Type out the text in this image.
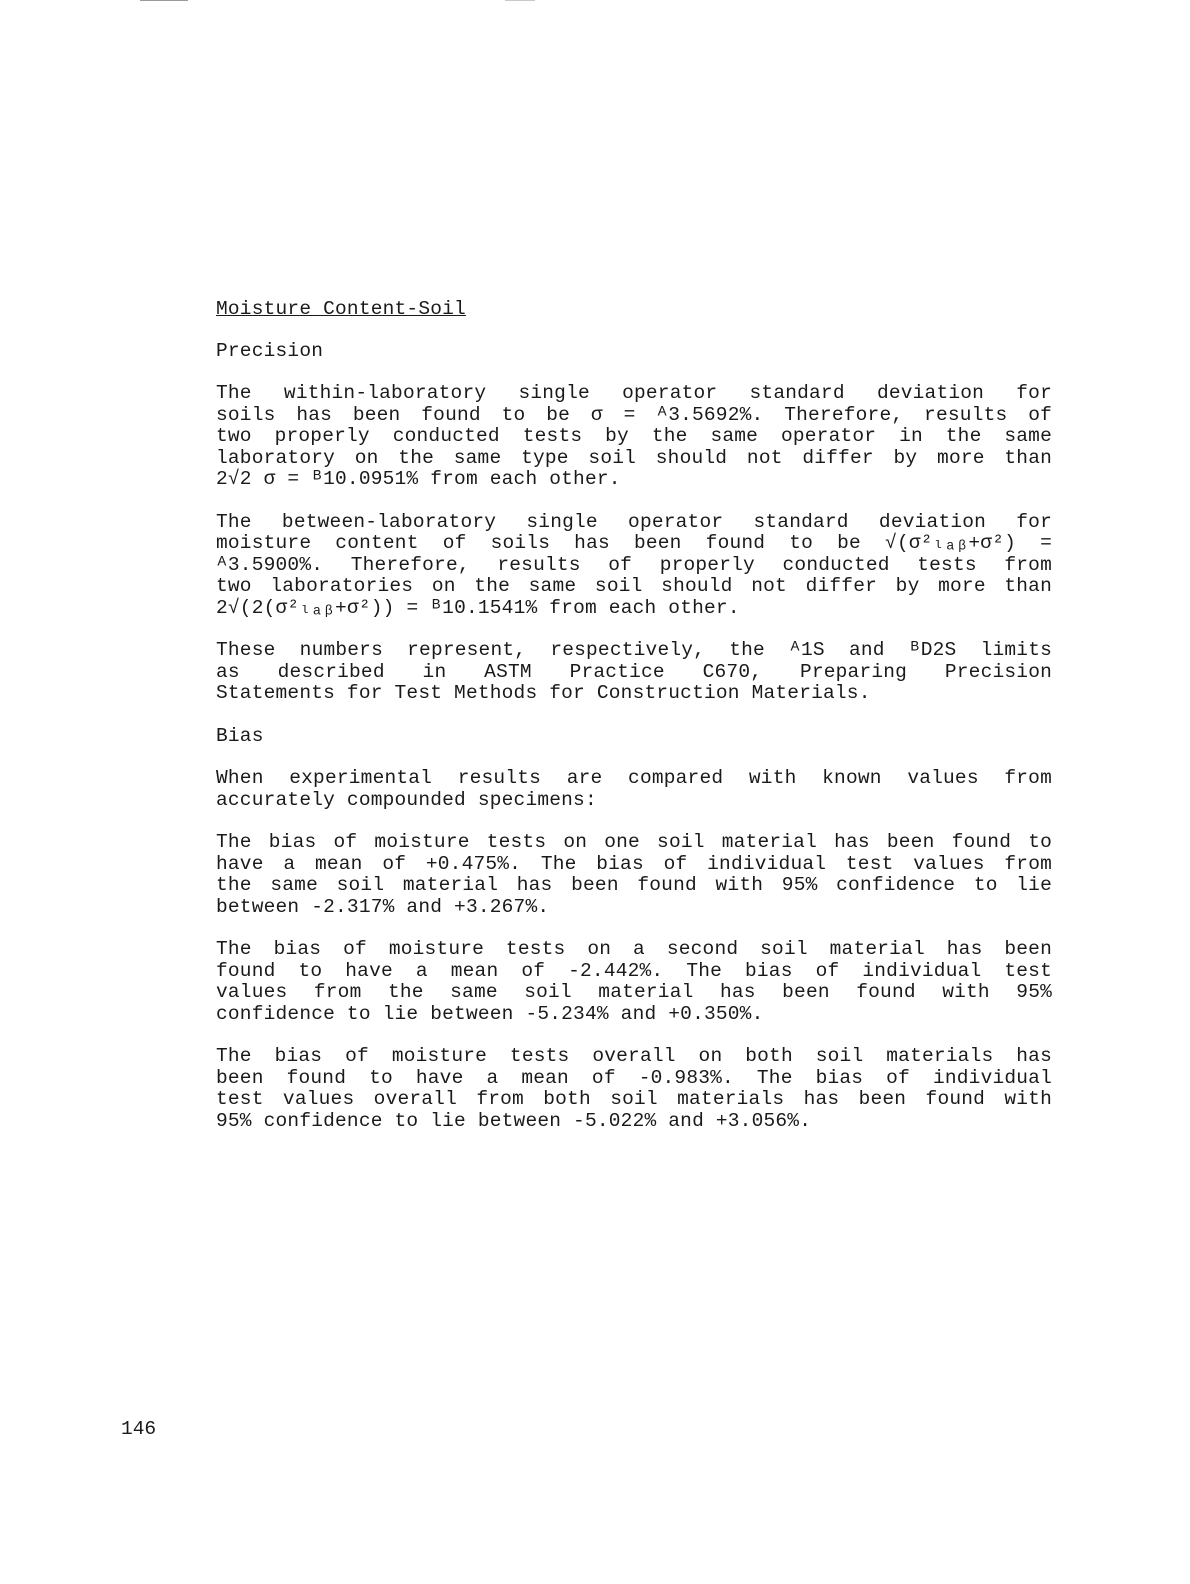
Moisture Content-Soil
Precision
The within-laboratory single operator standard deviation for
soils has been found to be σ = ᴬ3.5692%. Therefore, results of
two properly conducted tests by the same operator in the same
laboratory on the same type soil should not differ by more than
2√2 σ = ᴮ10.0951% from each other.
The between-laboratory single operator standard deviation for
moisture content of soils has been found to be √(σ²ₗₐᵦ+σ²) =
ᴬ3.5900%. Therefore, results of properly conducted tests from
two laboratories on the same soil should not differ by more than
2√(2(σ²ₗₐᵦ+σ²)) = ᴮ10.1541% from each other.
These numbers represent, respectively, the ᴬ1S and ᴮD2S limits
as described in ASTM Practice C670, Preparing Precision
Statements for Test Methods for Construction Materials.
Bias
When experimental results are compared with known values from
accurately compounded specimens:
The bias of moisture tests on one soil material has been found to
have a mean of +0.475%. The bias of individual test values from
the same soil material has been found with 95% confidence to lie
between -2.317% and +3.267%.
The bias of moisture tests on a second soil material has been
found to have a mean of -2.442%. The bias of individual test
values from the same soil material has been found with 95%
confidence to lie between -5.234% and +0.350%.
The bias of moisture tests overall on both soil materials has
been found to have a mean of -0.983%. The bias of individual
test values overall from both soil materials has been found with
95% confidence to lie between -5.022% and +3.056%.
146
